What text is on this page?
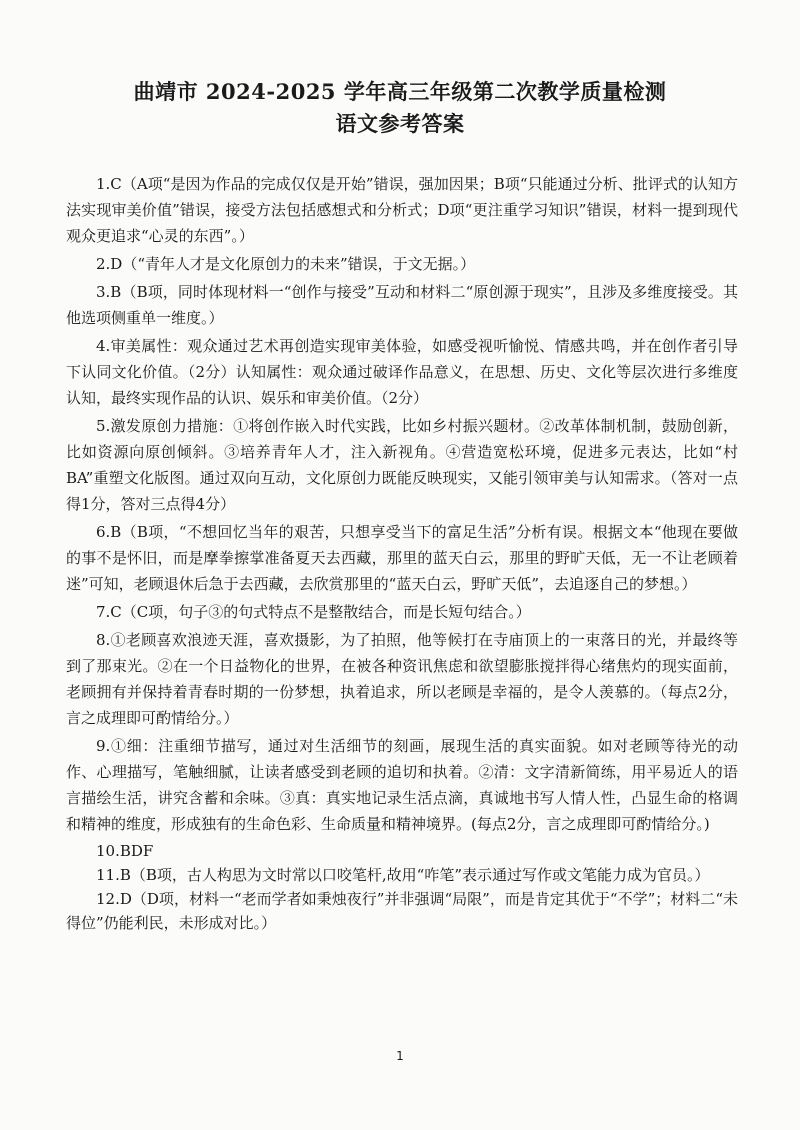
曲靖市 2024-2025 学年高三年级第二次教学质量检测
语文参考答案
1.C（A项“是因为作品的完成仅仅是开始”错误，强加因果；B项“只能通过分析、批评式的认知方法实现审美价值”错误，接受方法包括感想式和分析式；D项“更注重学习知识”错误，材料一提到现代观众更追求“心灵的东西”。）
2.D（“青年人才是文化原创力的未来”错误，于文无据。）
3.B（B项，同时体现材料一“创作与接受”互动和材料二“原创源于现实”，且涉及多维度接受。其他选项侧重单一维度。）
4.审美属性：观众通过艺术再创造实现审美体验，如感受视听愉悦、情感共鸣，并在创作者引导下认同文化价值。（2分）认知属性：观众通过破译作品意义，在思想、历史、文化等层次进行多维度认知，最终实现作品的认识、娱乐和审美价值。（2分）
5.激发原创力措施：①将创作嵌入时代实践，比如乡村振兴题材。②改革体制机制，鼓励创新，比如资源向原创倾斜。③培养青年人才，注入新视角。④营造宽松环境，促进多元表达，比如“村BA”重塑文化版图。通过双向互动，文化原创力既能反映现实，又能引领审美与认知需求。（答对一点得1分，答对三点得4分）
6.B（B项，“不想回忆当年的艰苦，只想享受当下的富足生活”分析有误。根据文本“他现在要做的事不是怀旧，而是摩拳擦掌准备夏天去西藏，那里的蓝天白云，那里的野旷天低，无一不让老顾着迷”可知，老顾退休后急于去西藏，去欣赏那里的“蓝天白云，野旷天低”，去追逐自己的梦想。）
7.C（C项，句子③的句式特点不是整散结合，而是长短句结合。）
8.①老顾喜欢浪迹天涯，喜欢摄影，为了拍照，他等候打在寺庙顶上的一束落日的光，并最终等到了那束光。②在一个日益物化的世界，在被各种资讯焦虑和欲望膨胀搅拌得心绪焦灼的现实面前，老顾拥有并保持着青春时期的一份梦想，执着追求，所以老顾是幸福的，是令人羡慕的。（每点2分，言之成理即可酌情给分。）
9.①细：注重细节描写，通过对生活细节的刻画，展现生活的真实面貌。如对老顾等待光的动作、心理描写，笔触细腻，让读者感受到老顾的追切和执着。②清：文字清新简练，用平易近人的语言描绘生活，讲究含蓄和余味。③真：真实地记录生活点滴，真诚地书写人情人性，凸显生命的格调和精神的维度，形成独有的生命色彩、生命质量和精神境界。(每点2分，言之成理即可酌情给分。)
10.BDF
11.B（B项，古人构思为文时常以口咬笔杆,故用“咋笔”表示通过写作或文笔能力成为官员。）
12.D（D项，材料一“老而学者如秉烛夜行”并非强调“局限”，而是肯定其优于“不学”；材料二“未得位”仍能利民，未形成对比。）
1
